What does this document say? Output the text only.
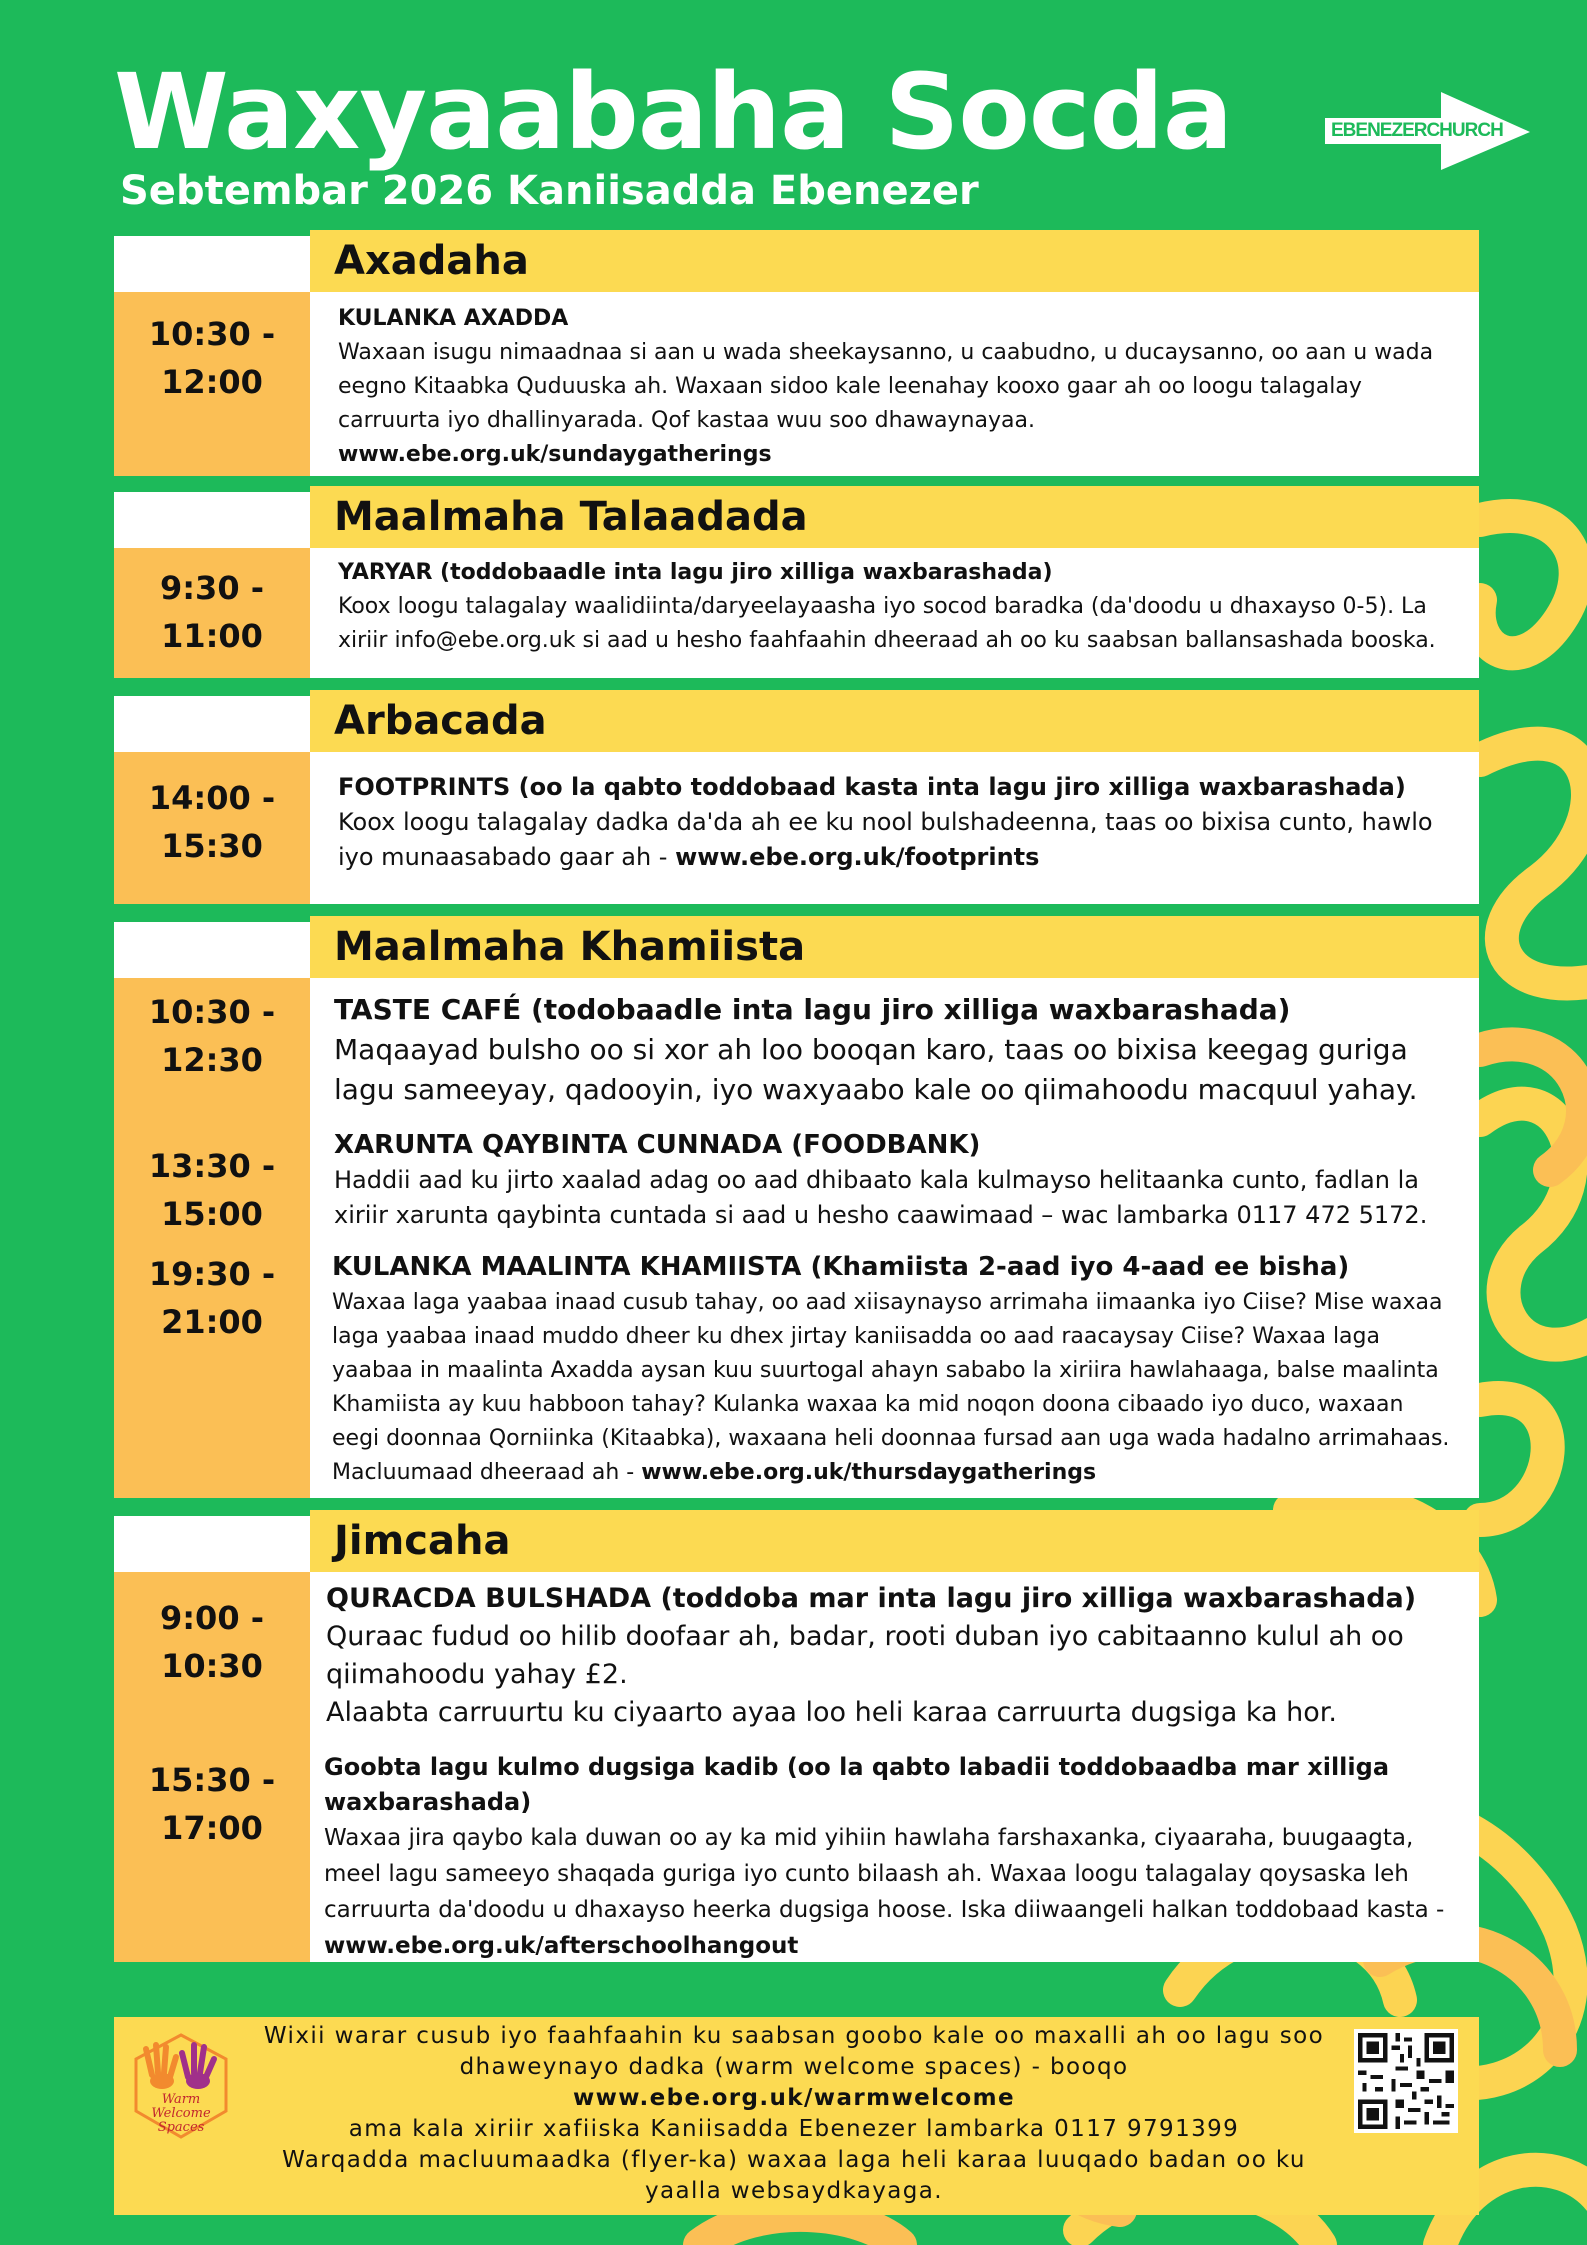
Waxyaabaha Socda
Sebtembar 2026 Kaniisadda Ebenezer
EBENEZERCHURCH
Axadaha
10:30 -
12:00
KULANKA AXADDA
Waxaan isugu nimaadnaa si aan u wada sheekaysanno, u caabudno, u ducaysanno, oo aan u wada eegno Kitaabka Quduuska ah. Waxaan sidoo kale leenahay kooxo gaar ah oo loogu talagalay carruurta iyo dhallinyarada. Qof kastaa wuu soo dhawaynayaa.
www.ebe.org.uk/sundaygatherings
Maalmaha Talaadada
9:30 -
11:00
YARYAR (toddobaadle inta lagu jiro xilliga waxbarashada)
Koox loogu talagalay waalidiinta/daryeelayaasha iyo socod baradka (da'doodu u dhaxayso 0-5). La xiriir info@ebe.org.uk si aad u hesho faahfaahin dheeraad ah oo ku saabsan ballansashada booska.
Arbacada
14:00 -
15:30
FOOTPRINTS (oo la qabto toddobaad kasta inta lagu jiro xilliga waxbarashada)
Koox loogu talagalay dadka da'da ah ee ku nool bulshadeenna, taas oo bixisa cunto, hawlo iyo munaasabado gaar ah - www.ebe.org.uk/footprints
Maalmaha Khamiista
10:30 -
12:30
13:30 -
15:00
19:30 -
21:00
TASTE CAFÉ (todobaadle inta lagu jiro xilliga waxbarashada)
Maqaayad bulsho oo si xor ah loo booqan karo, taas oo bixisa keegag guriga lagu sameeyay, qadooyin, iyo waxyaabo kale oo qiimahoodu macquul yahay.
XARUNTA QAYBINTA CUNNADA (FOODBANK)
Haddii aad ku jirto xaalad adag oo aad dhibaato kala kulmayso helitaanka cunto, fadlan la xiriir xarunta qaybinta cuntada si aad u hesho caawimaad – wac lambarka 0117 472 5172.
KULANKA MAALINTA KHAMIISTA (Khamiista 2-aad iyo 4-aad ee bisha)
Waxaa laga yaabaa inaad cusub tahay, oo aad xiisaynayso arrimaha iimaanka iyo Ciise? Mise waxaa laga yaabaa inaad muddo dheer ku dhex jirtay kaniisadda oo aad raacaysay Ciise? Waxaa laga yaabaa in maalinta Axadda aysan kuu suurtogal ahayn sababo la xiriira hawlahaaga, balse maalinta Khamiista ay kuu habboon tahay? Kulanka waxaa ka mid noqon doona cibaado iyo duco, waxaan eegi doonnaa Qorniinka (Kitaabka), waxaana heli doonnaa fursad aan uga wada hadalno arrimahaas. Macluumaad dheeraad ah - www.ebe.org.uk/thursdaygatherings
Jimcaha
9:00 -
10:30
15:30 -
17:00
QURACDA BULSHADA (toddoba mar inta lagu jiro xilliga waxbarashada)
Quraac fudud oo hilib doofaar ah, badar, rooti duban iyo cabitaanno kulul ah oo qiimahoodu yahay £2.
Alaabta carruurtu ku ciyaarto ayaa loo heli karaa carruurta dugsiga ka hor.
Goobta lagu kulmo dugsiga kadib (oo la qabto labadii toddobaadba mar xilliga waxbarashada)
Waxaa jira qaybo kala duwan oo ay ka mid yihiin hawlaha farshaxanka, ciyaaraha, buugaagta, meel lagu sameeyo shaqada guriga iyo cunto bilaash ah. Waxaa loogu talagalay qoysaska leh carruurta da'doodu u dhaxayso heerka dugsiga hoose. Iska diiwaangeli halkan toddobaad kasta - www.ebe.org.uk/afterschoolhangout
Warm
Welcome
Spaces
Wixii warar cusub iyo faahfaahin ku saabsan goobo kale oo maxalli ah oo lagu soo dhaweynayo dadka (warm welcome spaces) - booqo
www.ebe.org.uk/warmwelcome
ama kala xiriir xafiiska Kaniisadda Ebenezer lambarka 0117 9791399
Warqadda macluumaadka (flyer-ka) waxaa laga heli karaa luuqado badan oo ku yaalla websaydkayaga.
